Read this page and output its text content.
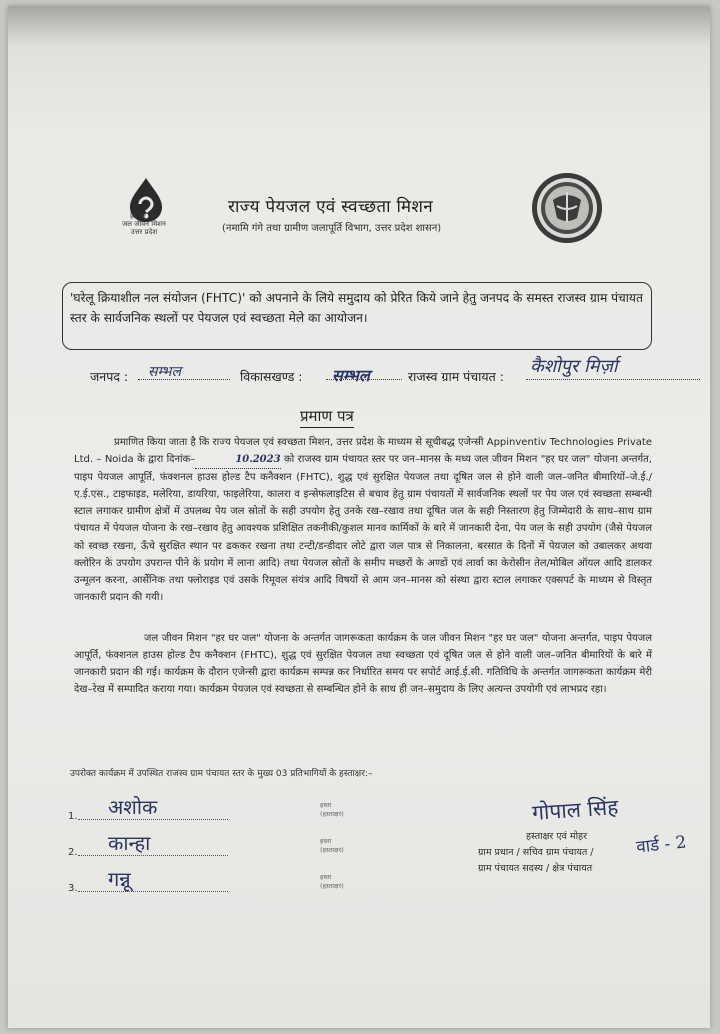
हर घर जल
जल जीवन मिशन
उत्तर प्रदेश
राज्य पेयजल एवं स्वच्छता मिशन
(नमामि गंगे तथा ग्रामीण जलापूर्ति विभाग, उत्तर प्रदेश शासन)
'घरेलू क्रियाशील नल संयोजन (FHTC)' को अपनाने के लिये समुदाय को प्रेरित किये जाने हेतु जनपद के समस्त राजस्व ग्राम पंचायत स्तर के सार्वजनिक स्थलों पर पेयजल एवं स्वच्छता मेले का आयोजन।
जनपद : सम्भल	विकासखण्ड : सम्भल	राजस्व ग्राम पंचायत : कैशोपुर मिर्ज़ा
प्रमाण पत्र
प्रमाणित किया जाता है कि राज्य पेयजल एवं स्वच्छता मिशन, उत्तर प्रदेश के माध्यम से सूचीबद्ध एजेन्सी Appinventiv Technologies Private Ltd. – Noida के द्वारा दिनांक–	10.2023 को राजस्व ग्राम पंचायत स्तर पर जन–मानस के मध्य जल जीवन मिशन "हर घर जल" योजना अन्तर्गत, पाइप पेयजल आपूर्ति, फंक्शनल हाउस होल्ड टैप कनैक्शन (FHTC), शुद्ध एवं सुरक्षित पेयजल तथा दूषित जल से होने वाली जल–जनित बीमारियों–जे.ई./ए.ई.एस., टाइफाइड, मलेरिया, डायरिया, फाइलेरिया, कालरा व इन्सेफलाइटिस से बचाव हेतु ग्राम पंचायतों में सार्वजनिक स्थलों पर पेय जल एवं स्वच्छता सम्बन्धी स्टाल लगाकर ग्रामीण क्षेत्रों में उपलब्ध पेय जल स्रोतों के सही उपयोग हेतु उनके रख–रखाव तथा दूषित जल के सही निस्तारण हेतु जिम्मेदारी के साथ–साथ ग्राम पंचायत में पेयजल योजना के रख–रखाव हेतु आवश्यक प्रशिक्षित तकनीकी/कुशल मानव कार्मिकों के बारे में जानकारी देना, पेय जल के सही उपयोग (जैसे पेयजल को स्वच्छ रखना, ऊँचे सुरक्षित स्थान पर ढककर रखना तथा टन्टी/डन्डीदार लोटे द्वारा जल पात्र से निकालना, बरसात के दिनों में पेयजल को उबालकर अथवा क्लोरिन के उपयोग उपरान्त पीने के प्रयोग में लाना आदि) तथा पेयजल स्रोतों के समीप मच्छरों के अण्डों एवं लार्वा का केरोसीन तेल/मोबिल ऑयल आदि डालकर उन्मूलन करना, आर्सेनिक तथा फ्लोराइड एवं उसके रिमूवल संयंत्र आदि विषयों से आम जन–मानस को संस्था द्वारा स्टाल लगाकर एक्सपर्ट के माध्यम से विस्तृत जानकारी प्रदान की गयी।
जल जीवन मिशन "हर घर जल" योजना के अन्तर्गत जागरूकता कार्यक्रम के जल जीवन मिशन "हर घर जल" योजना अन्तर्गत, पाइप पेयजल आपूर्ति, फंक्शनल हाउस होल्ड टैप कनैक्शन (FHTC), शुद्ध एवं सुरक्षित पेयजल तथा स्वच्छता एवं दूषित जल से होने वाली जल–जनित बीमारियों के बारे में जानकारी प्रदान की गई। कार्यक्रम के दौरान एजेन्सी द्वारा कार्यक्रम सम्पन्न कर निर्धारित समय पर सपोर्ट आई.ई.सी. गतिविधि के अन्तर्गत जागरूकता कार्यक्रम मेरी देख–रेख में सम्पादित कराया गया। कार्यक्रम पेयजल एवं स्वच्छता से सम्बन्धित होने के साथ ही जन–समुदाय के लिए अत्यन्त उपयोगी एवं लाभप्रद रहा।
उपरोक्त कार्यक्रम में उपस्थित राजस्व ग्राम पंचायत स्तर के मुख्य 03 प्रतिभागियों के हस्ताक्षर:–
1. अशोक	हस्ता (हस्ताक्षर)
2. कान्हा	हस्ता (हस्ताक्षर)
3. गन्नू	हस्ता (हस्ताक्षर)
गोपाल सिंह
हस्ताक्षर एवं मोहर
ग्राम प्रधान / सचिव ग्राम पंचायत /
ग्राम पंचायत सदस्य / क्षेत्र पंचायत
वार्ड - 2
